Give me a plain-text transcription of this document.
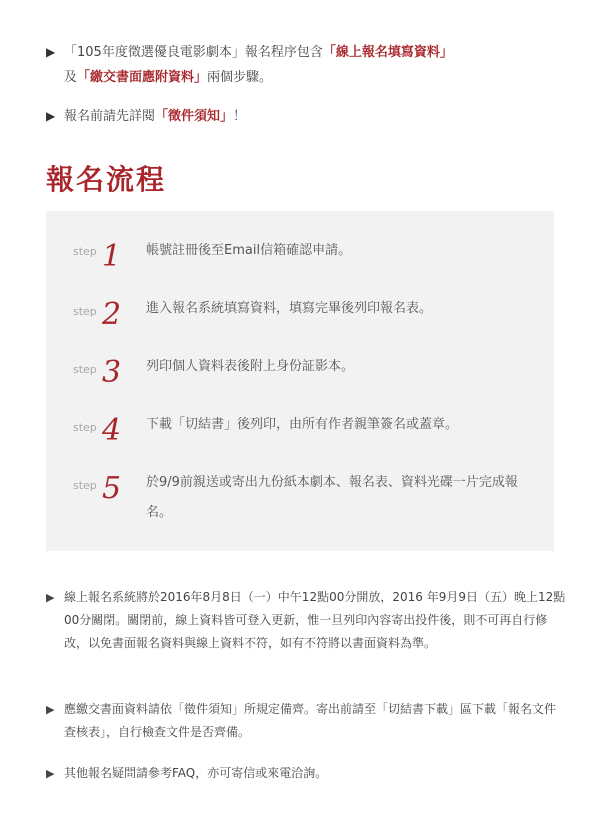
▶ 「105年度徵選優良電影劇本」報名程序包含「線上報名填寫資料」
及「繳交書面應附資料」兩個步驟。
▶ 報名前請先詳閱「徵件須知」！
報名流程
step 1 帳號註冊後至Email信箱確認申請。
step 2 進入報名系統填寫資料，填寫完畢後列印報名表。
step 3 列印個人資料表後附上身份証影本。
step 4 下載「切結書」後列印，由所有作者親筆簽名或蓋章。
step 5 於9/9前親送或寄出九份紙本劇本、報名表、資料光碟一片完成報名。
▶ 線上報名系統將於2016年8月8日（一）中午12點00分開放，2016 年9月9日（五）晚上12點00分關閉。關閉前，線上資料皆可登入更新，惟一旦列印內容寄出投件後，則不可再自行修改，以免書面報名資料與線上資料不符，如有不符將以書面資料為準。
▶ 應繳交書面資料請依「徵件須知」所規定備齊。寄出前請至「切結書下載」區下載「報名文件查核表」，自行檢查文件是否齊備。
▶ 其他報名疑問請參考FAQ，亦可寄信或來電洽詢。
